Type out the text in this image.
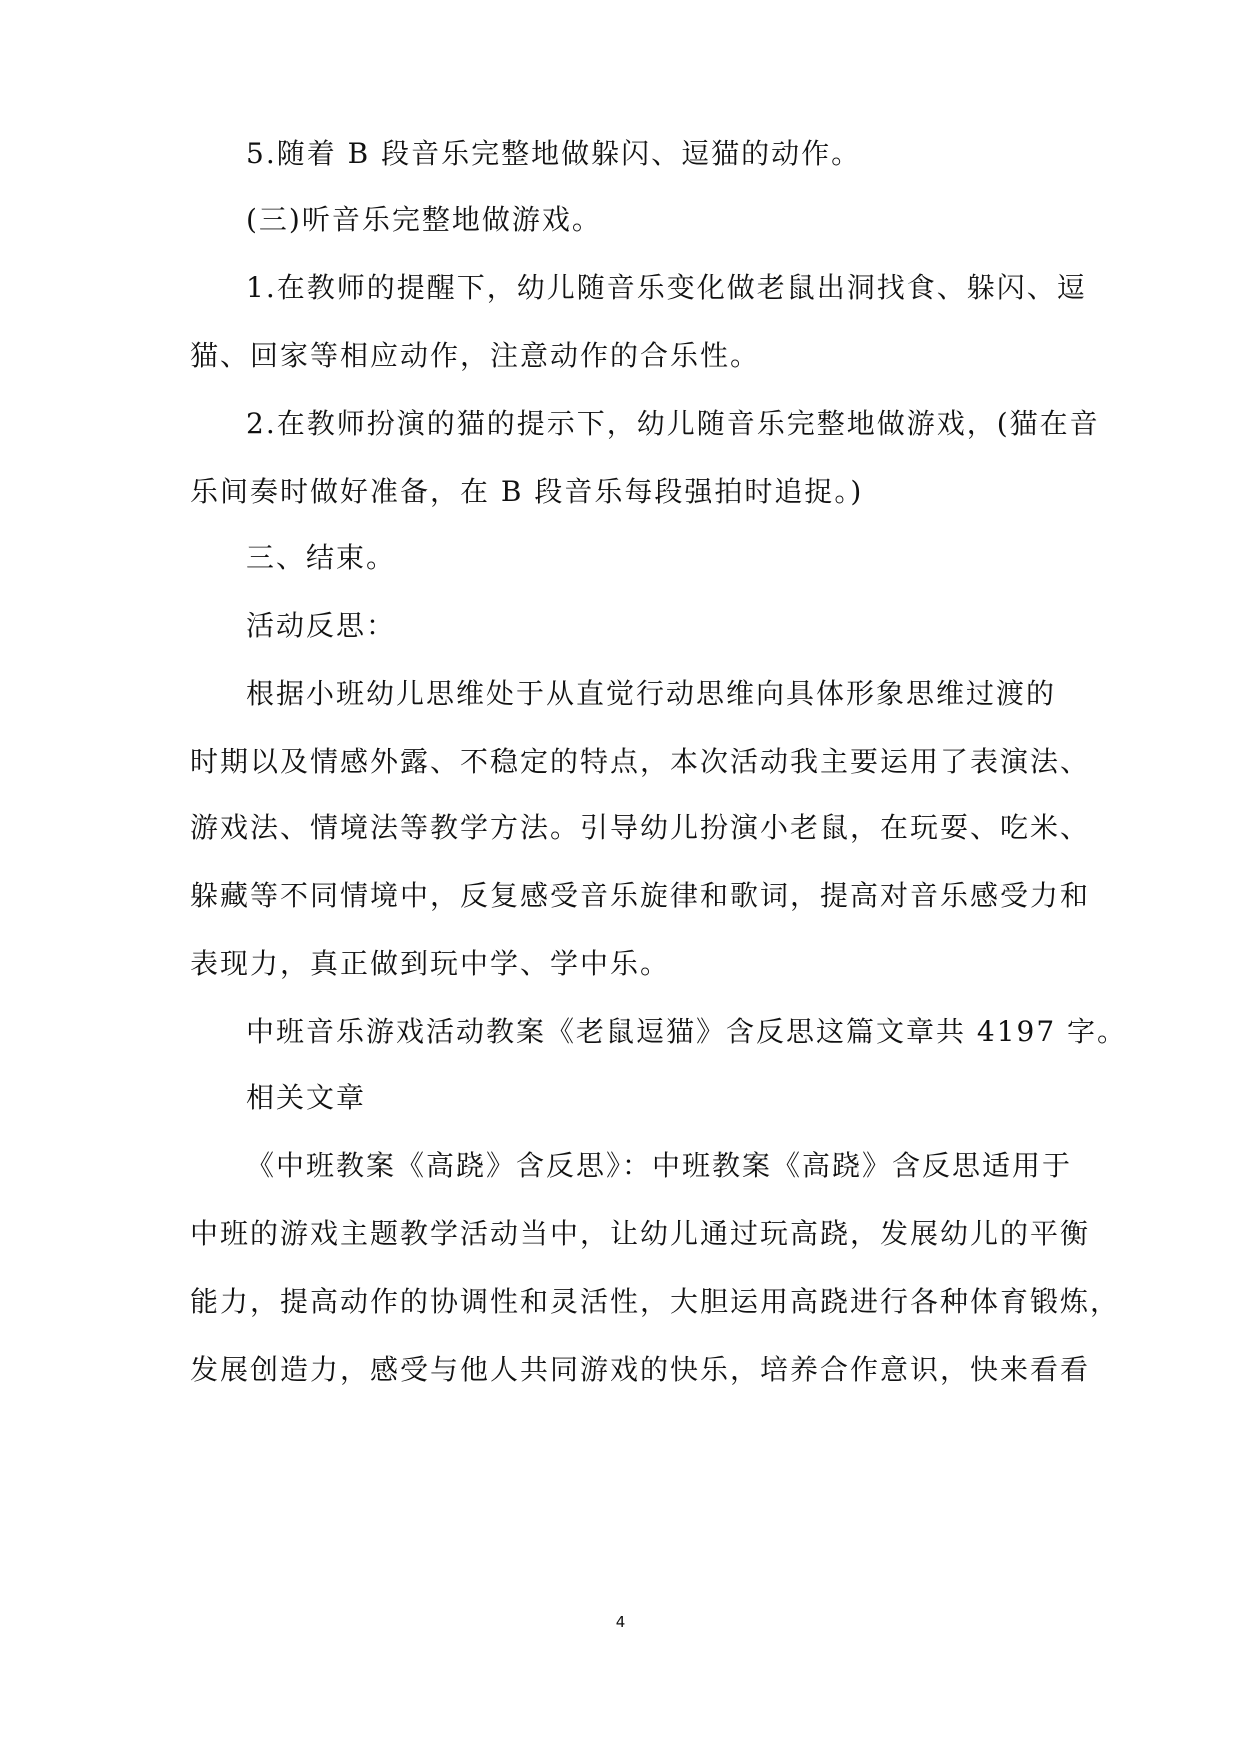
5.随着 B 段音乐完整地做躲闪、逗猫的动作。
(三)听音乐完整地做游戏。
1.在教师的提醒下，幼儿随音乐变化做老鼠出洞找食、躲闪、逗
猫、回家等相应动作，注意动作的合乐性。
2.在教师扮演的猫的提示下，幼儿随音乐完整地做游戏，(猫在音
乐间奏时做好准备，在 B 段音乐每段强拍时追捉。)
三、结束。
活动反思：
根据小班幼儿思维处于从直觉行动思维向具体形象思维过渡的
时期以及情感外露、不稳定的特点，本次活动我主要运用了表演法、
游戏法、情境法等教学方法。引导幼儿扮演小老鼠，在玩耍、吃米、
躲藏等不同情境中，反复感受音乐旋律和歌词，提高对音乐感受力和
表现力，真正做到玩中学、学中乐。
中班音乐游戏活动教案《老鼠逗猫》含反思这篇文章共 4197 字。
相关文章
《中班教案《高跷》含反思》：中班教案《高跷》含反思适用于
中班的游戏主题教学活动当中，让幼儿通过玩高跷，发展幼儿的平衡
能力，提高动作的协调性和灵活性，大胆运用高跷进行各种体育锻炼，
发展创造力，感受与他人共同游戏的快乐，培养合作意识，快来看看
4
